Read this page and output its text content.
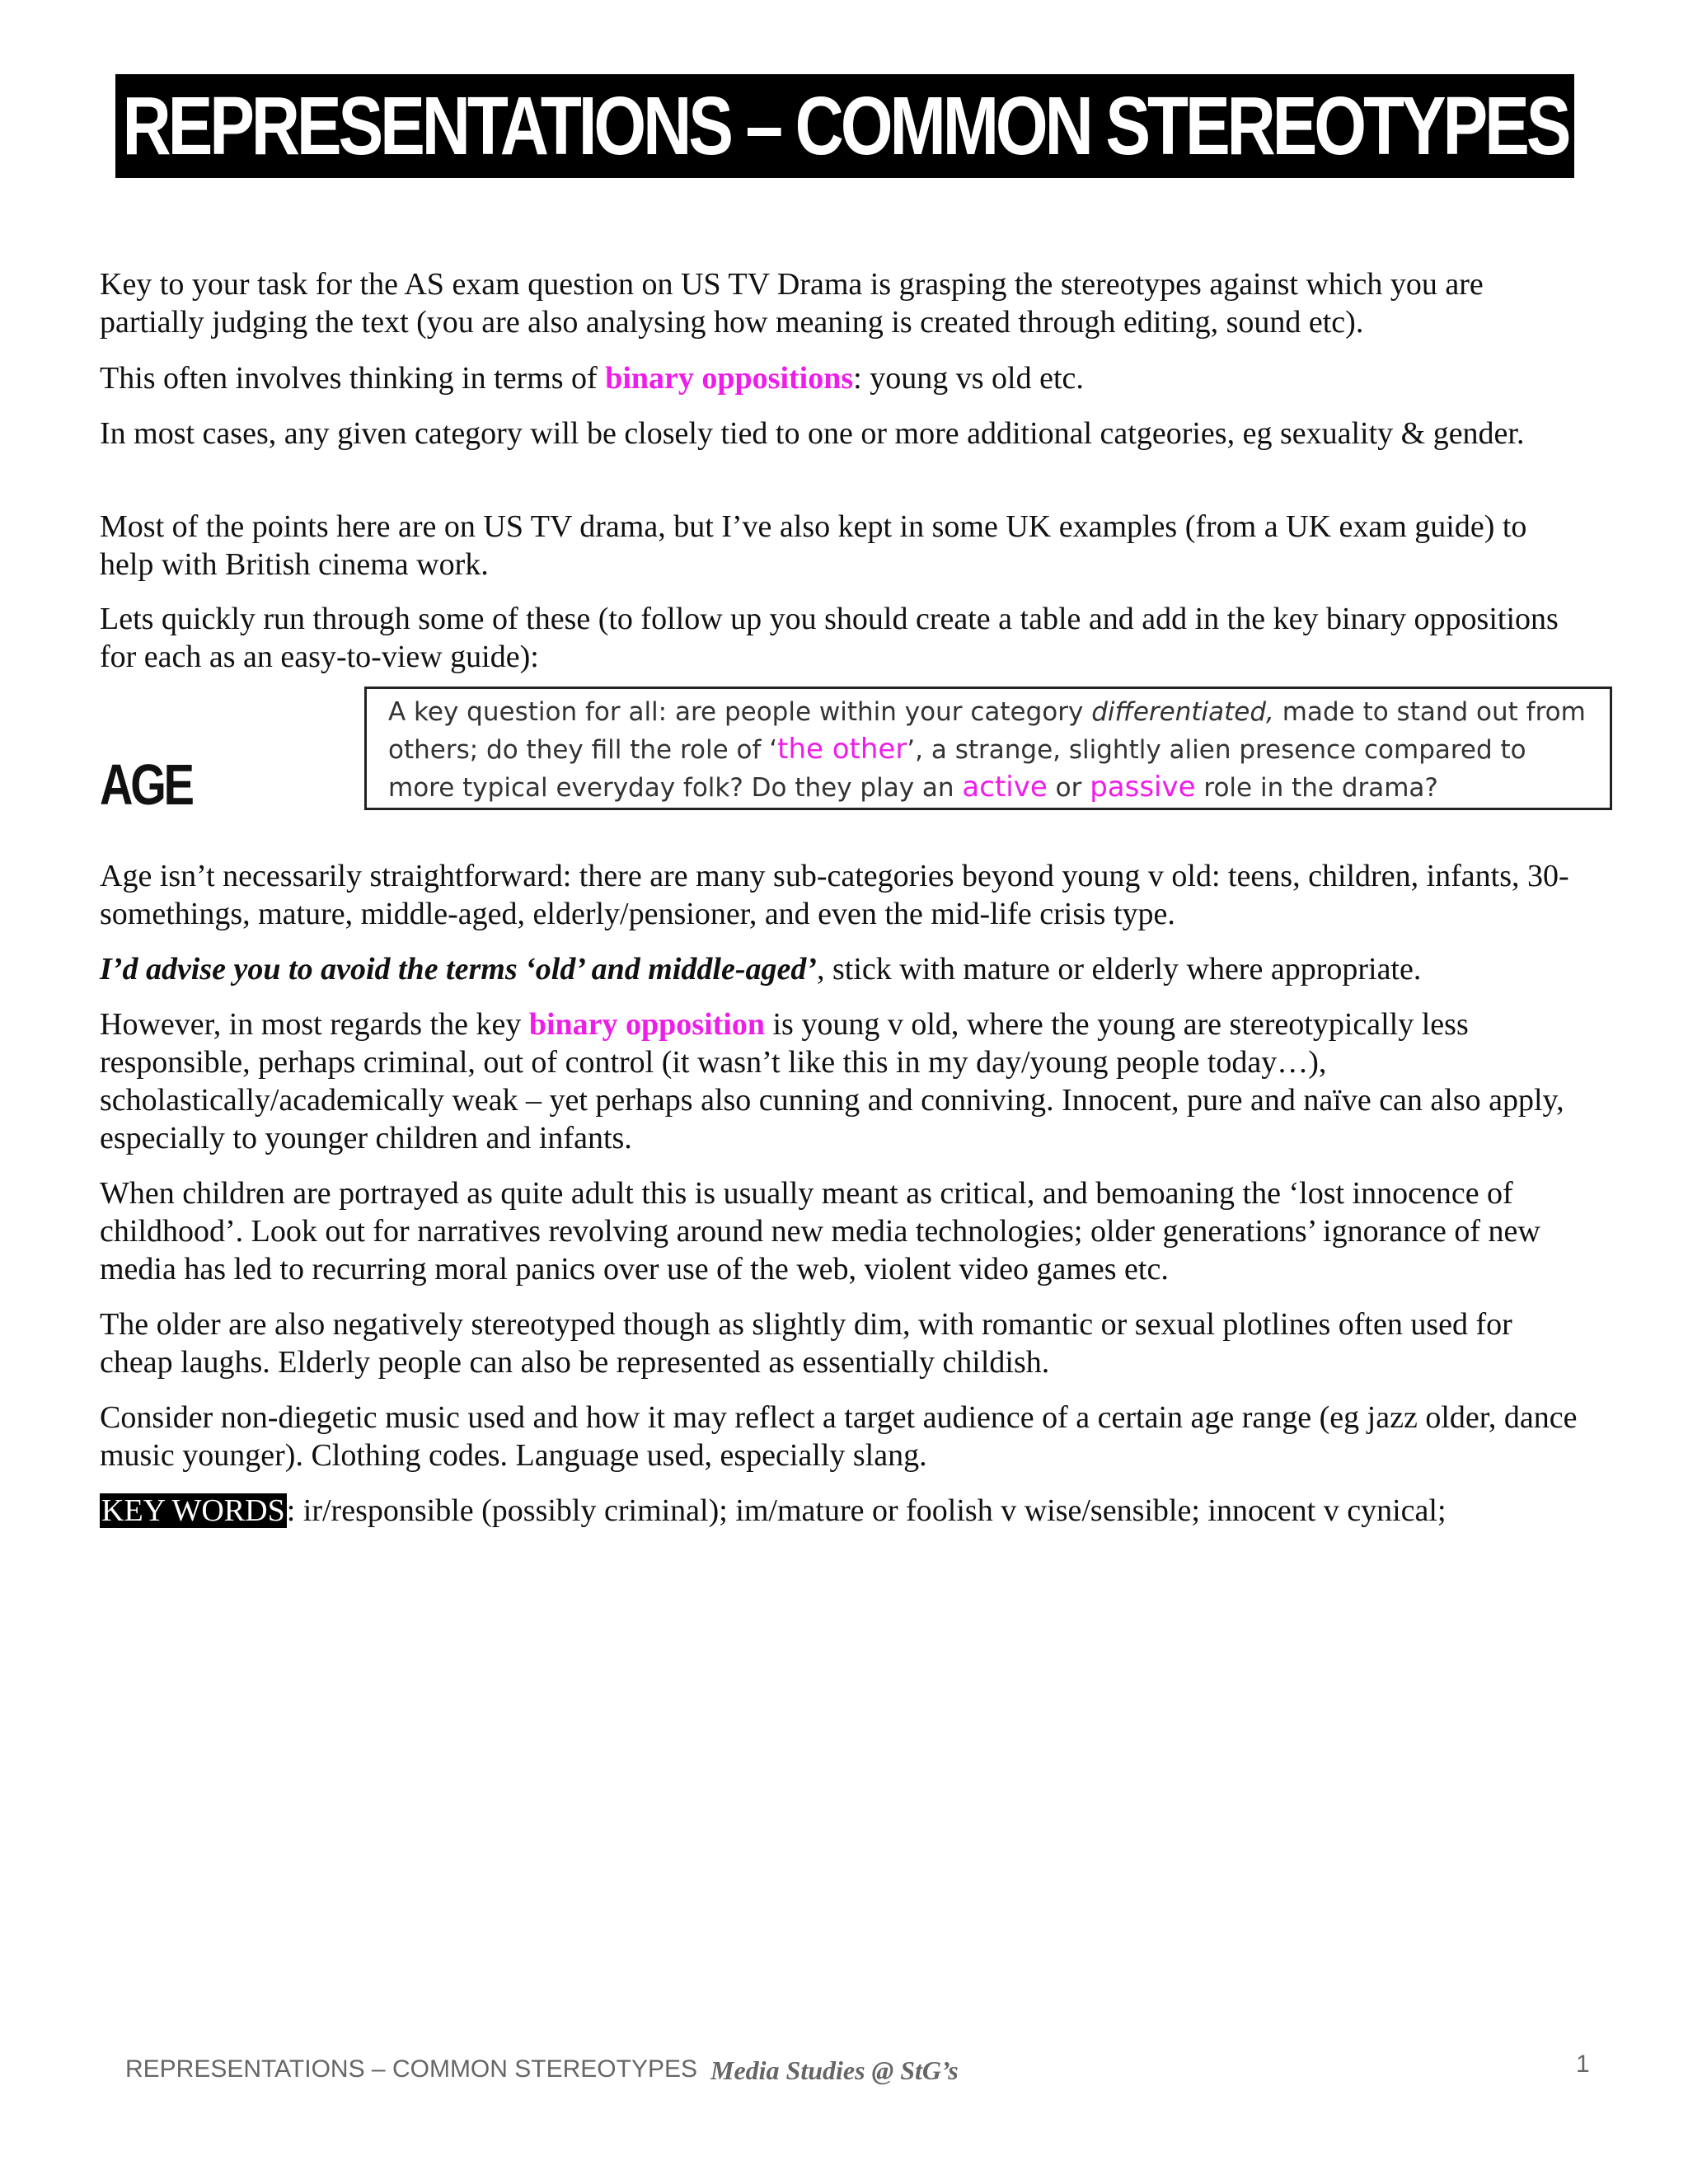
REPRESENTATIONS – COMMON STEREOTYPES

Key to your task for the AS exam question on US TV Drama is grasping the stereotypes against which you are partially judging the text (you are also analysing how meaning is created through editing, sound etc).

This often involves thinking in terms of binary oppositions: young vs old etc.

In most cases, any given category will be closely tied to one or more additional catgeories, eg sexuality & gender.

Most of the points here are on US TV drama, but I’ve also kept in some UK examples (from a UK exam guide) to help with British cinema work.

Lets quickly run through some of these (to follow up you should create a table and add in the key binary oppositions for each as an easy-to-view guide):

A key question for all: are people within your category differentiated, made to stand out from others; do they fill the role of ‘the other’, a strange, slightly alien presence compared to more typical everyday folk? Do they play an active or passive role in the drama?
AGE

Age isn’t necessarily straightforward: there are many sub-categories beyond young v old: teens, children, infants, 30-somethings, mature, middle-aged, elderly/pensioner, and even the mid-life crisis type.

I’d advise you to avoid the terms ‘old’ and middle-aged’, stick with mature or elderly where appropriate.

However, in most regards the key binary opposition is young v old, where the young are stereotypically less responsible, perhaps criminal, out of control (it wasn’t like this in my day/young people today…), scholastically/academically weak – yet perhaps also cunning and conniving. Innocent, pure and naïve can also apply, especially to younger children and infants.

When children are portrayed as quite adult this is usually meant as critical, and bemoaning the ‘lost innocence of childhood’. Look out for narratives revolving around new media technologies; older generations’ ignorance of new media has led to recurring moral panics over use of the web, violent video games etc.

The older are also negatively stereotyped though as slightly dim, with romantic or sexual plotlines often used for cheap laughs. Elderly people can also be represented as essentially childish.

Consider non-diegetic music used and how it may reflect a target audience of a certain age range (eg jazz older, dance music younger). Clothing codes. Language used, especially slang.

KEY WORDS: ir/responsible (possibly criminal); im/mature or foolish v wise/sensible; innocent v cynical;

REPRESENTATIONS – COMMON STEREOTYPES Media Studies @ StG’s	1
